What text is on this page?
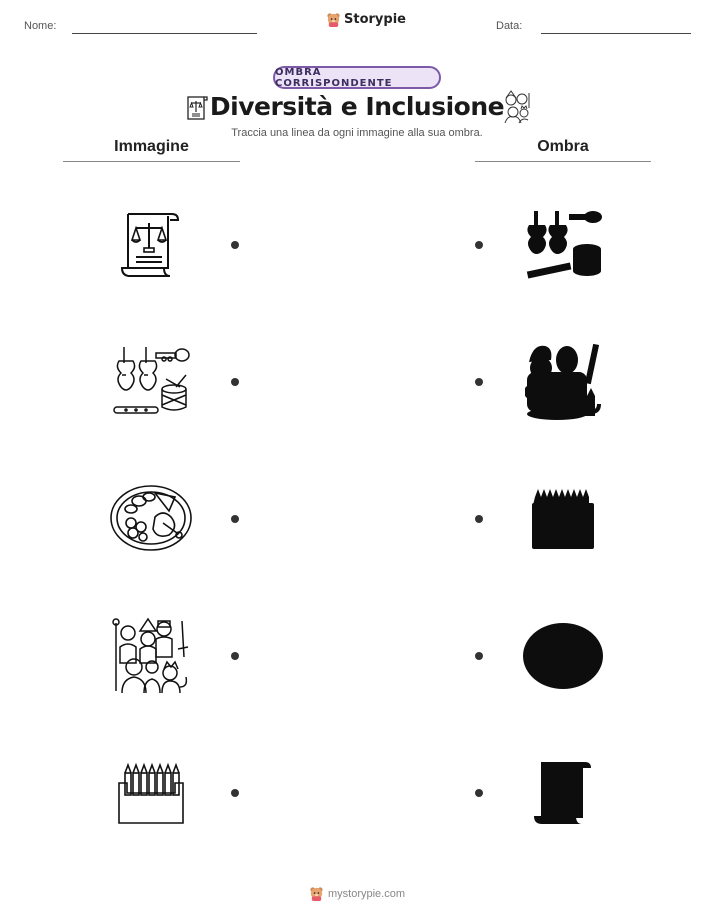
Nome:	Storypie	Data:
OMBRA CORRISPONDENTE
Diversità e Inclusione
Traccia una linea da ogni immagine alla sua ombra.
Immagine	Ombra
mystorypie.com
